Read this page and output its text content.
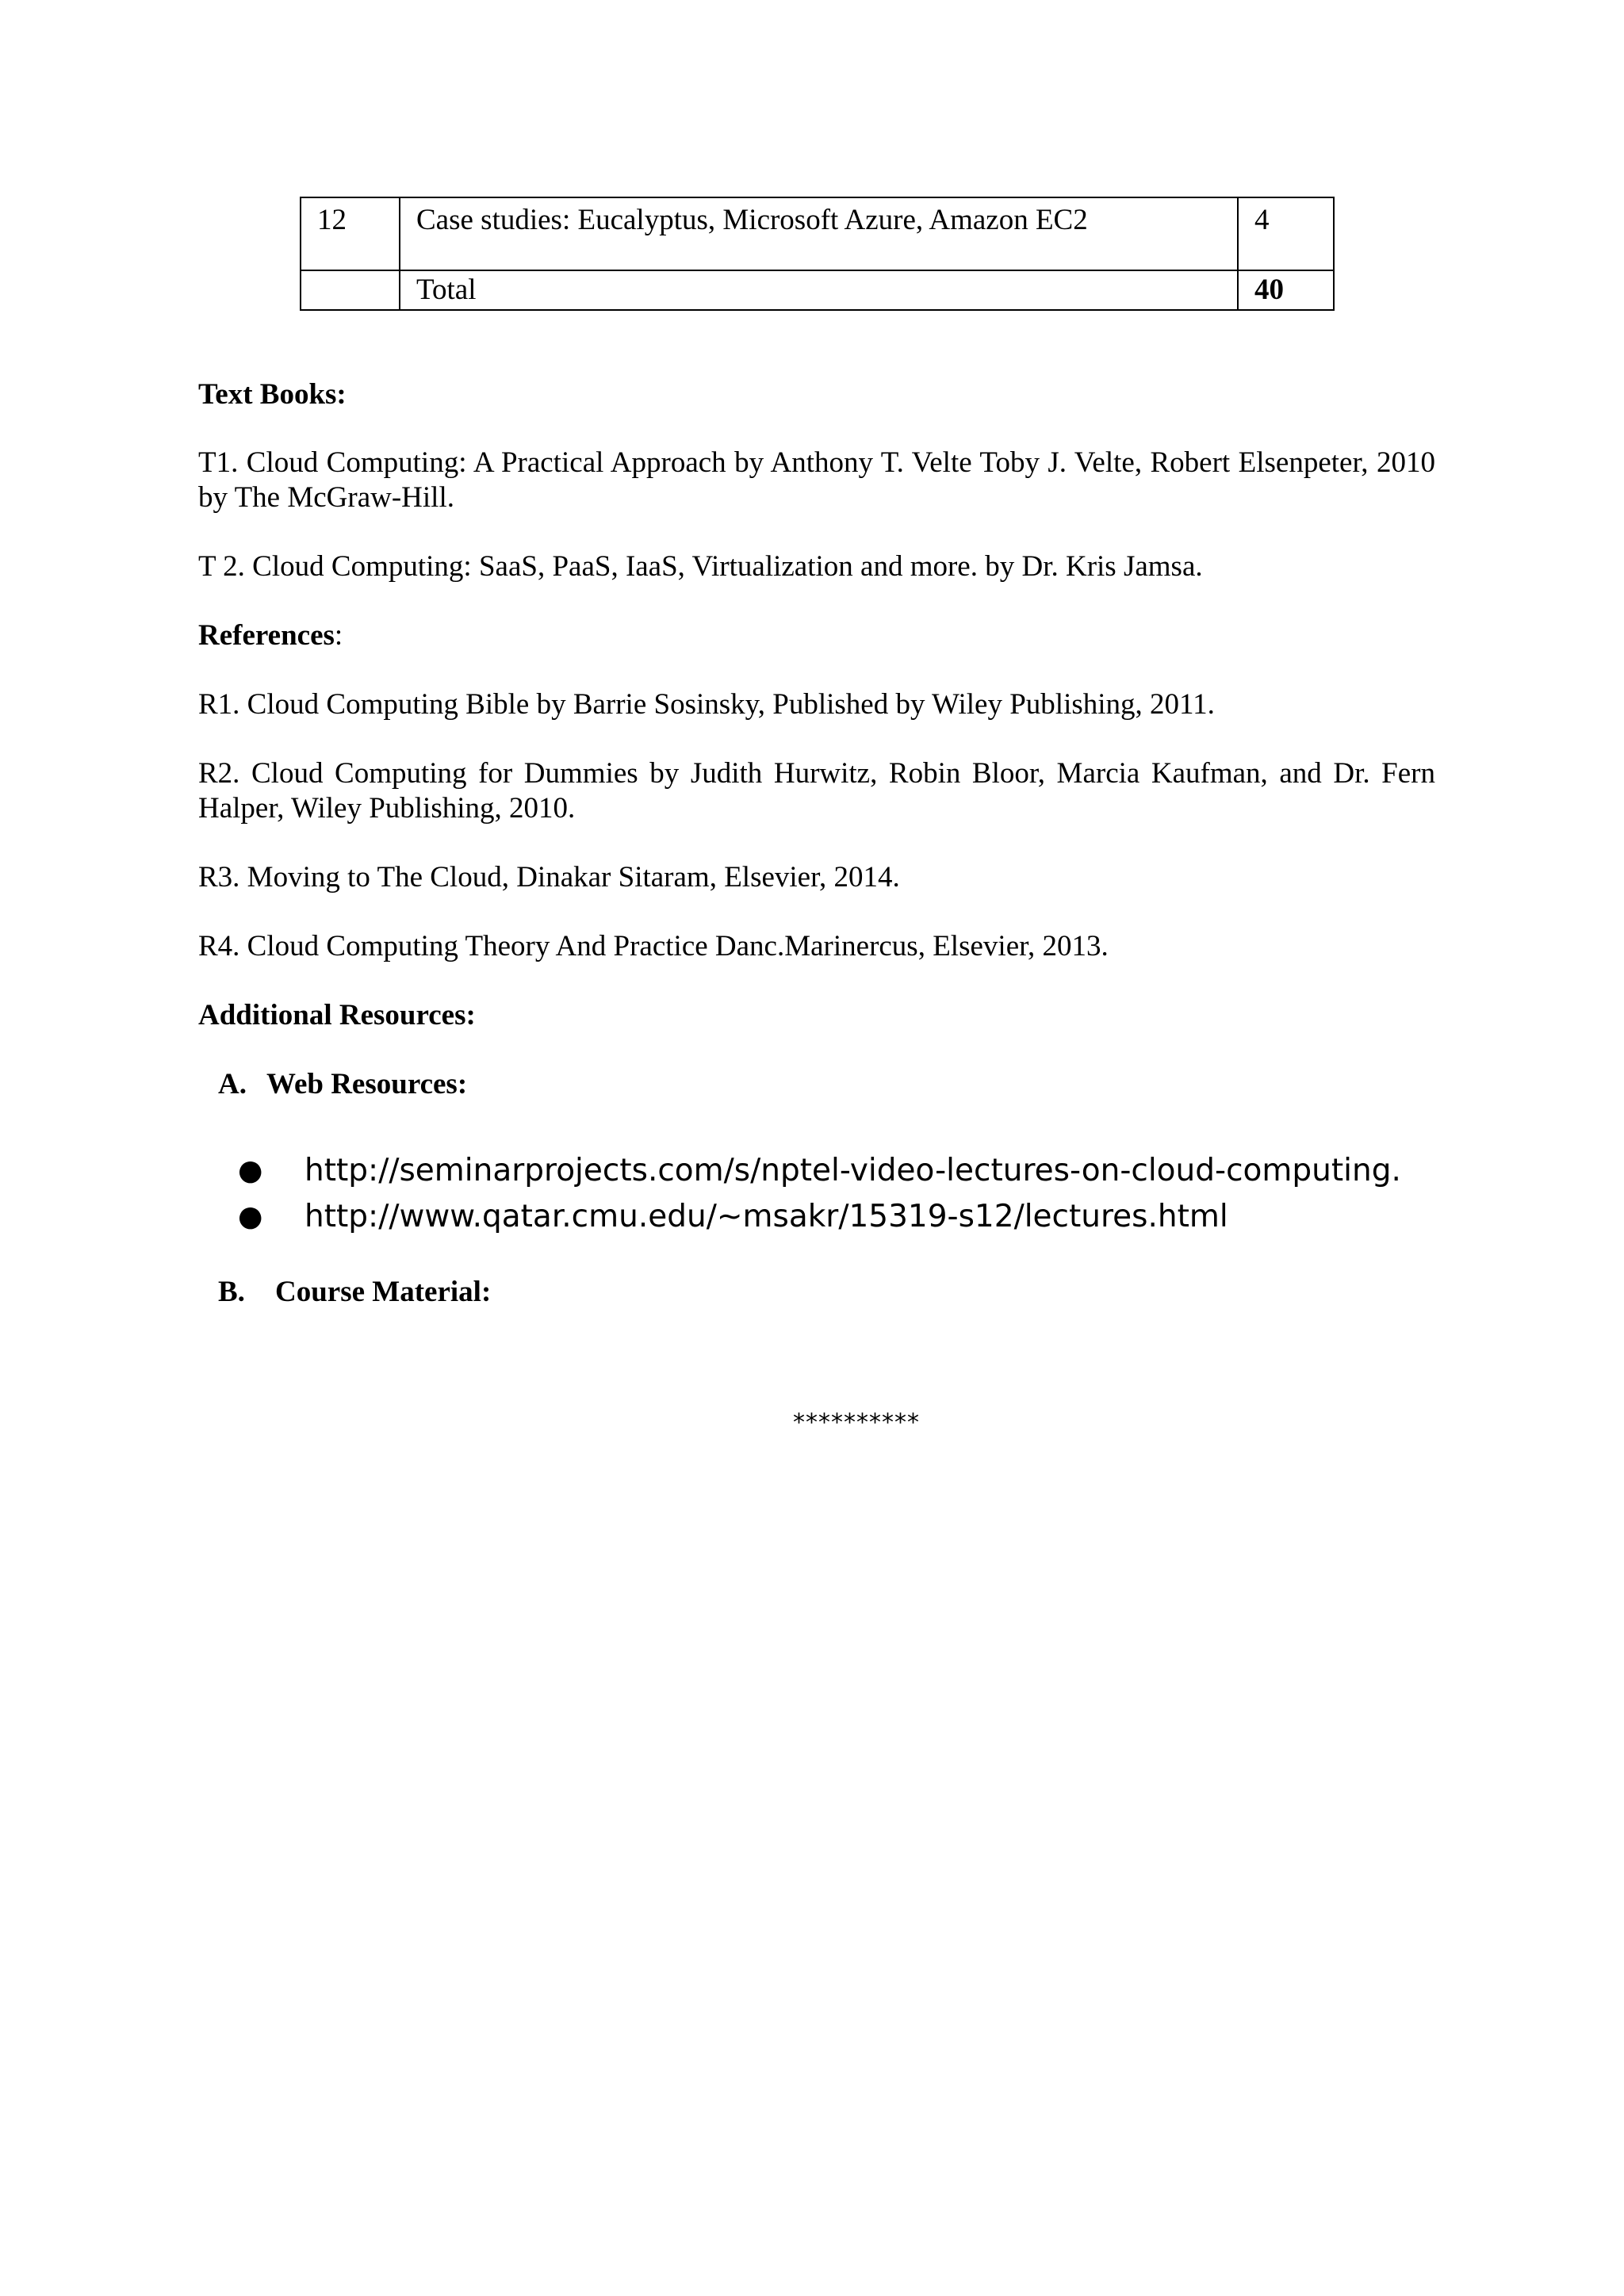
12	Case studies: Eucalyptus, Microsoft Azure, Amazon EC2	4
	Total	40
Text Books:
T1. Cloud Computing: A Practical Approach by Anthony T. Velte Toby J. Velte, Robert Elsenpeter, 2010 by The McGraw-Hill.
T 2. Cloud Computing: SaaS, PaaS, IaaS, Virtualization and more. by Dr. Kris Jamsa.
References:
R1. Cloud Computing Bible by Barrie Sosinsky, Published by Wiley Publishing, 2011.
R2. Cloud Computing for Dummies by Judith Hurwitz, Robin Bloor, Marcia Kaufman, and Dr. Fern Halper, Wiley Publishing, 2010.
R3. Moving to The Cloud, Dinakar Sitaram, Elsevier, 2014.
R4. Cloud Computing Theory And Practice Danc.Marinercus, Elsevier, 2013.
Additional Resources:
A. Web Resources:
● http://seminarprojects.com/s/nptel-video-lectures-on-cloud-computing.
● http://www.qatar.cmu.edu/~msakr/15319-s12/lectures.html
B. Course Material:
**********
